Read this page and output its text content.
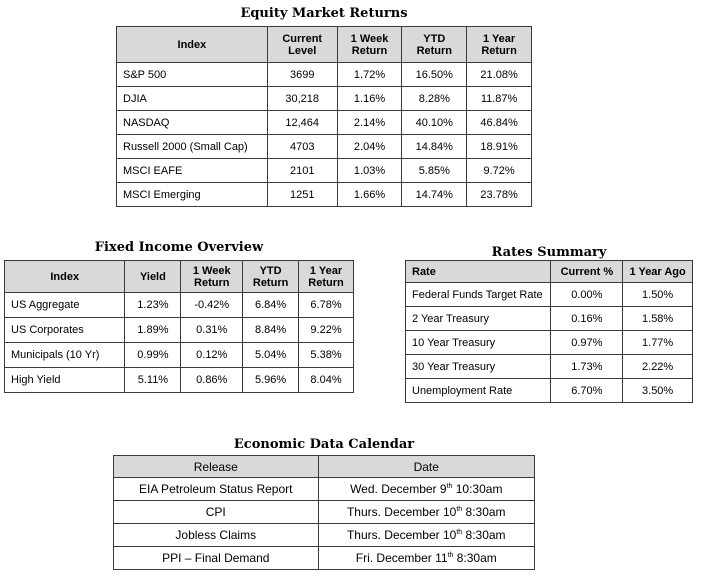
Equity Market Returns
Index	Current Level	1 Week Return	YTD Return	1 Year Return
S&P 500	3699	1.72%	16.50%	21.08%
DJIA	30,218	1.16%	8.28%	11.87%
NASDAQ	12,464	2.14%	40.10%	46.84%
Russell 2000 (Small Cap)	4703	2.04%	14.84%	18.91%
MSCI EAFE	2101	1.03%	5.85%	9.72%
MSCI Emerging	1251	1.66%	14.74%	23.78%
Fixed Income Overview
Index	Yield	1 Week Return	YTD Return	1 Year Return
US Aggregate	1.23%	-0.42%	6.84%	6.78%
US Corporates	1.89%	0.31%	8.84%	9.22%
Municipals (10 Yr)	0.99%	0.12%	5.04%	5.38%
High Yield	5.11%	0.86%	5.96%	8.04%
Rates Summary
Rate	Current %	1 Year Ago
Federal Funds Target Rate	0.00%	1.50%
2 Year Treasury	0.16%	1.58%
10 Year Treasury	0.97%	1.77%
30 Year Treasury	1.73%	2.22%
Unemployment Rate	6.70%	3.50%
Economic Data Calendar
Release	Date
EIA Petroleum Status Report	Wed. December 9th 10:30am
CPI	Thurs. December 10th 8:30am
Jobless Claims	Thurs. December 10th 8:30am
PPI – Final Demand	Fri. December 11th 8:30am
